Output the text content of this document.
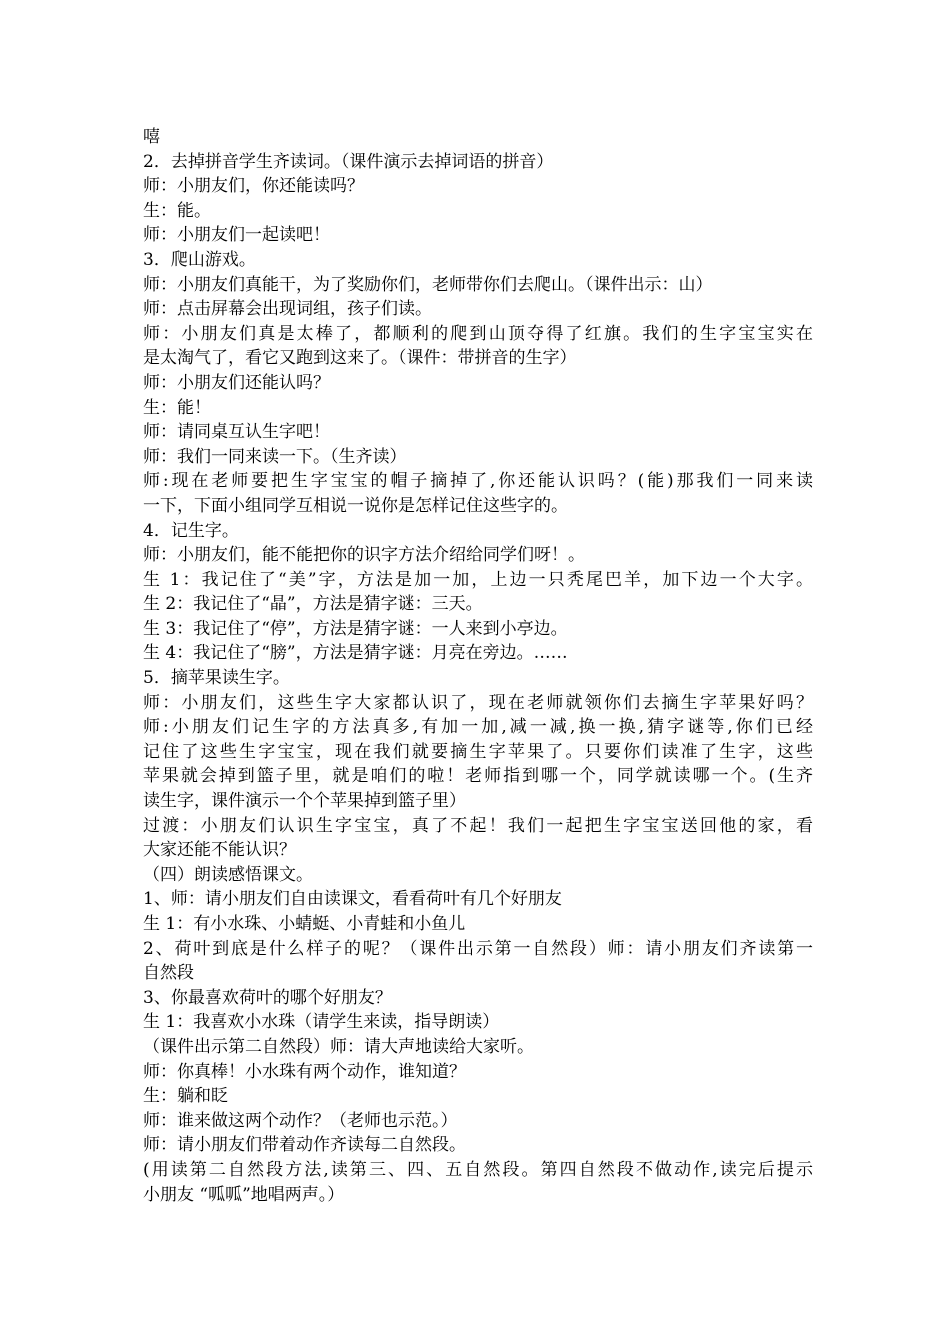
嘻
2．去掉拼音学生齐读词。（课件演示去掉词语的拼音）
师：小朋友们，你还能读吗？
生：能。
师：小朋友们一起读吧！
3．爬山游戏。
师：小朋友们真能干，为了奖励你们，老师带你们去爬山。（课件出示：山）
师：点击屏幕会出现词组，孩子们读。
师：小朋友们真是太棒了，都顺利的爬到山顶夺得了红旗。我们的生字宝宝实在
是太淘气了，看它又跑到这来了。（课件：带拼音的生字）
师：小朋友们还能认吗？
生：能！
师：请同桌互认生字吧！
师：我们一同来读一下。（生齐读）
师:现在老师要把生字宝宝的帽子摘掉了,你还能认识吗？(能)那我们一同来读
一下，下面小组同学互相说一说你是怎样记住这些字的。
4．记生字。
师：小朋友们，能不能把你的识字方法介绍给同学们呀！。
生 1：我记住了“美”字，方法是加一加，上边一只秃尾巴羊，加下边一个大字。
生 2：我记住了“晶”，方法是猜字谜：三天。
生 3：我记住了“停”，方法是猜字谜：一人来到小亭边。
生 4：我记住了“膀”，方法是猜字谜：月亮在旁边。……
5．摘苹果读生字。
师：小朋友们，这些生字大家都认识了，现在老师就领你们去摘生字苹果好吗？
师:小朋友们记生字的方法真多,有加一加,减一减,换一换,猜字谜等,你们已经
记住了这些生字宝宝，现在我们就要摘生字苹果了。只要你们读准了生字，这些
苹果就会掉到篮子里，就是咱们的啦！老师指到哪一个，同学就读哪一个。(生齐
读生字，课件演示一个个苹果掉到篮子里）
过渡：小朋友们认识生字宝宝，真了不起！我们一起把生字宝宝送回他的家，看
大家还能不能认识？
（四）朗读感悟课文。
1、师：请小朋友们自由读课文，看看荷叶有几个好朋友
生 1：有小水珠、小蜻蜓、小青蛙和小鱼儿
2、荷叶到底是什么样子的呢？（课件出示第一自然段）师：请小朋友们齐读第一
自然段
3、你最喜欢荷叶的哪个好朋友？
生 1：我喜欢小水珠（请学生来读，指导朗读）
（课件出示第二自然段）师：请大声地读给大家听。
师：你真棒！小水珠有两个动作，谁知道？
生：躺和眨
师：谁来做这两个动作？（老师也示范。）
师：请小朋友们带着动作齐读每二自然段。
(用读第二自然段方法,读第三、四、五自然段。第四自然段不做动作,读完后提示
小朋友 “呱呱”地唱两声。）
